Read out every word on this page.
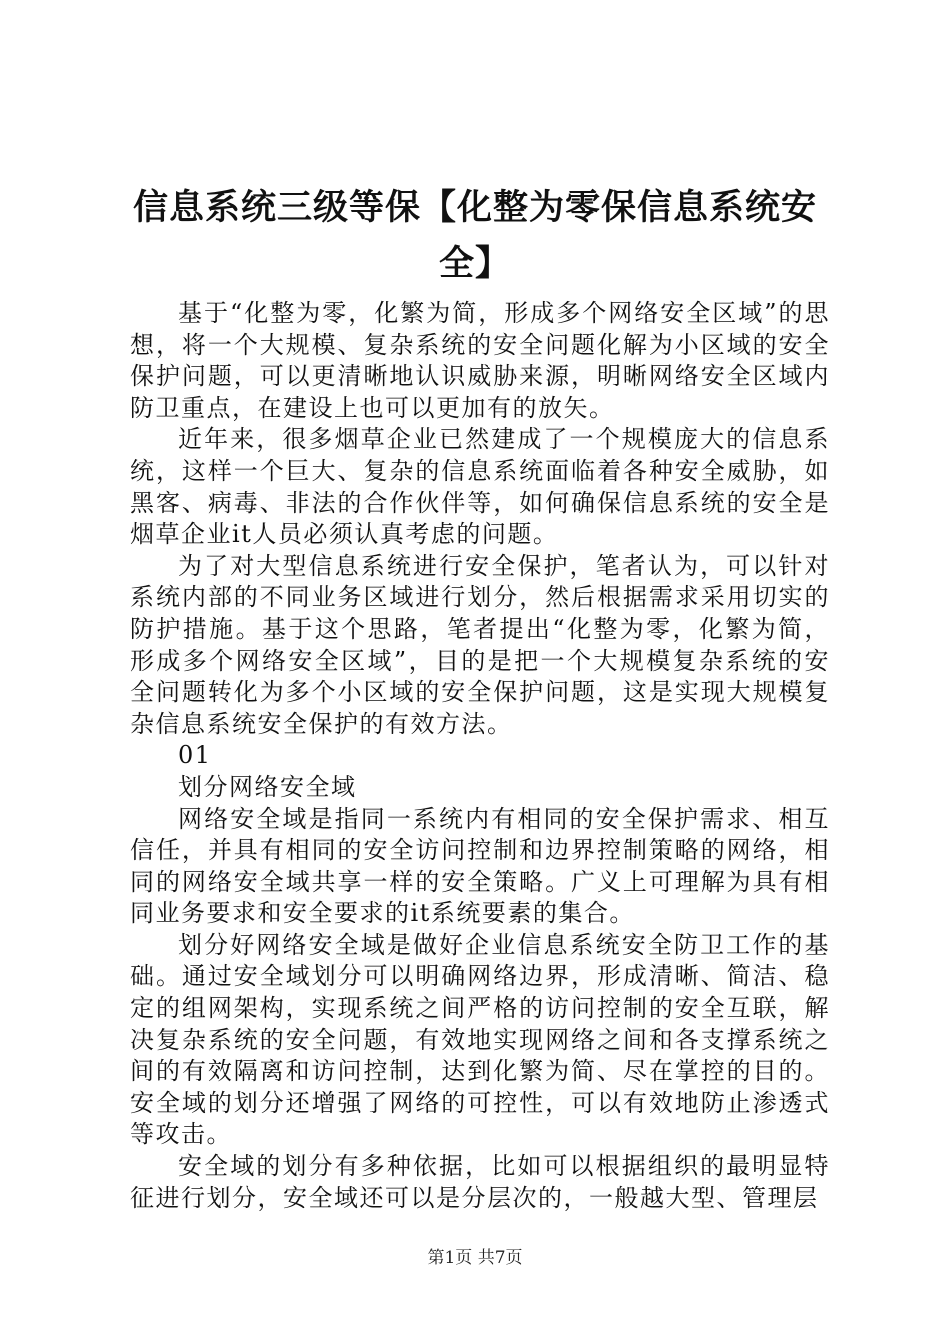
信息系统三级等保【化整为零保信息系统安全】

基于“化整为零，化繁为简，形成多个网络安全区域”的思想，将一个大规模、复杂系统的安全问题化解为小区域的安全保护问题，可以更清晰地认识威胁来源，明晰网络安全区域内防卫重点，在建设上也可以更加有的放矢。

近年来，很多烟草企业已然建成了一个规模庞大的信息系统，这样一个巨大、复杂的信息系统面临着各种安全威胁，如黑客、病毒、非法的合作伙伴等，如何确保信息系统的安全是烟草企业it人员必须认真考虑的问题。

为了对大型信息系统进行安全保护，笔者认为，可以针对系统内部的不同业务区域进行划分，然后根据需求采用切实的防护措施。基于这个思路，笔者提出“化整为零，化繁为简，形成多个网络安全区域”，目的是把一个大规模复杂系统的安全问题转化为多个小区域的安全保护问题，这是实现大规模复杂信息系统安全保护的有效方法。

01

划分网络安全域

网络安全域是指同一系统内有相同的安全保护需求、相互信任，并具有相同的安全访问控制和边界控制策略的网络，相同的网络安全域共享一样的安全策略。广义上可理解为具有相同业务要求和安全要求的it系统要素的集合。

划分好网络安全域是做好企业信息系统安全防卫工作的基础。通过安全域划分可以明确网络边界，形成清晰、简洁、稳定的组网架构，实现系统之间严格的访问控制的安全互联，解决复杂系统的安全问题，有效地实现网络之间和各支撑系统之间的有效隔离和访问控制，达到化繁为简、尽在掌控的目的。安全域的划分还增强了网络的可控性，可以有效地防止渗透式等攻击。

安全域的划分有多种依据，比如可以根据组织的最明显特征进行划分，安全域还可以是分层次的，一般越大型、管理层

第1页 共7页
